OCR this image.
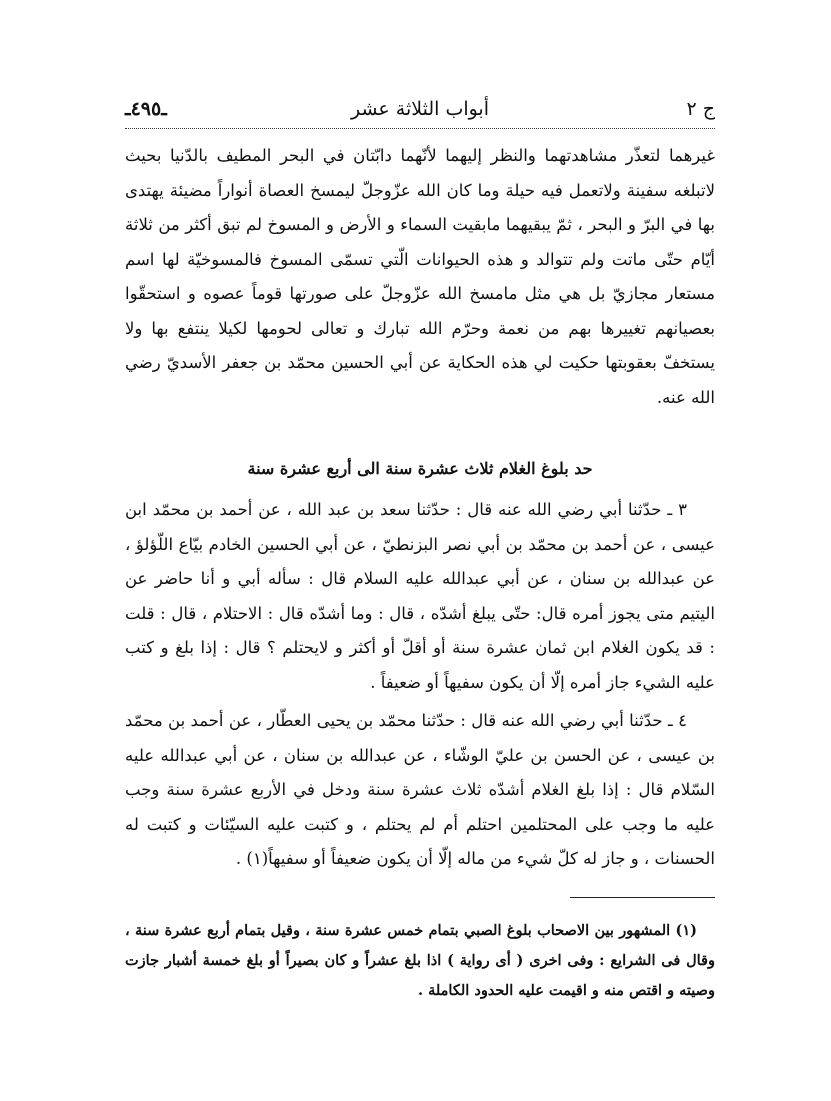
ج ٢
أبواب الثلاثة عشر
ـ٤٩٥ـ

غيرهما لتعذّر مشاهدتهما والنظر إليهما لأنّهما دابّتان في البحر المطيف بالدّنيا بحيث لاتبلغه سفينة ولاتعمل فيه حيلة وما كان الله عزّوجلّ ليمسخ العصاة أنواراً مضيئة يهتدى بها في البرّ و البحر ، ثمّ يبقيهما مابقيت السماء و الأرض و المسوخ لم تبق أكثر من ثلاثة أيّام حتّى ماتت ولم تتوالد و هذه الحيوانات الّتي تسمّى المسوخ فالمسوخيّة لها اسم مستعار مجازيّ بل هي مثل مامسخ الله عزّوجلّ على صورتها قوماً عصوه و استحقّوا بعصيانهم تغييرها بهم من نعمة وحرّم الله تبارك و تعالى لحومها لكيلا ينتفع بها ولا يستخفّ بعقوبتها حكيت لي هذه الحكاية عن أبي الحسين محمّد بن جعفر الأسديّ رضي الله عنه.

حد بلوغ الغلام ثلاث عشرة سنة الى أربع عشرة سنة

٣ ـ حدّثنا أبي رضي الله عنه قال : حدّثنا سعد بن عبد الله ، عن أحمد بن محمّد ابن عيسى ، عن أحمد بن محمّد بن أبي نصر البزنطيّ ، عن أبي الحسين الخادم بيّاع اللّؤلؤ ، عن عبدالله بن سنان ، عن أبي عبدالله عليه السلام قال : سأله أبي و أنا حاضر عن اليتيم متى يجوز أمره قال: حتّى يبلغ أشدّه ، قال : وما أشدّه قال : الاحتلام ، قال : قلت : قد يكون الغلام ابن ثمان عشرة سنة أو أقلّ أو أكثر و لايحتلم ؟ قال : إذا بلغ و كتب عليه الشيء جاز أمره إلّا أن يكون سفيهاً أو ضعيفاً .

٤ ـ حدّثنا أبي رضي الله عنه قال : حدّثنا محمّد بن يحيى العطّار ، عن أحمد بن محمّد بن عيسى ، عن الحسن بن عليّ الوشّاء ، عن عبدالله بن سنان ، عن أبي عبدالله عليه السّلام قال : إذا بلغ الغلام أشدّه ثلاث عشرة سنة ودخل في الأربع عشرة سنة وجب عليه ما وجب على المحتلمين احتلم أم لم يحتلم ، و كتبت عليه السيّئات و كتبت له الحسنات ، و جاز له كلّ شيء من ماله إلّا أن يكون ضعيفاً أو سفيهاً(١) .

(١) المشهور بين الاصحاب بلوغ الصبي بتمام خمس عشرة سنة ، وقيل بتمام أربع عشرة سنة ، وقال فى الشرايع : وفى اخرى ( أى رواية ) اذا بلغ عشراً و كان بصيراً أو بلغ خمسة أشبار جازت وصيته و اقتص منه و اقيمت عليه الحدود الكاملة .
